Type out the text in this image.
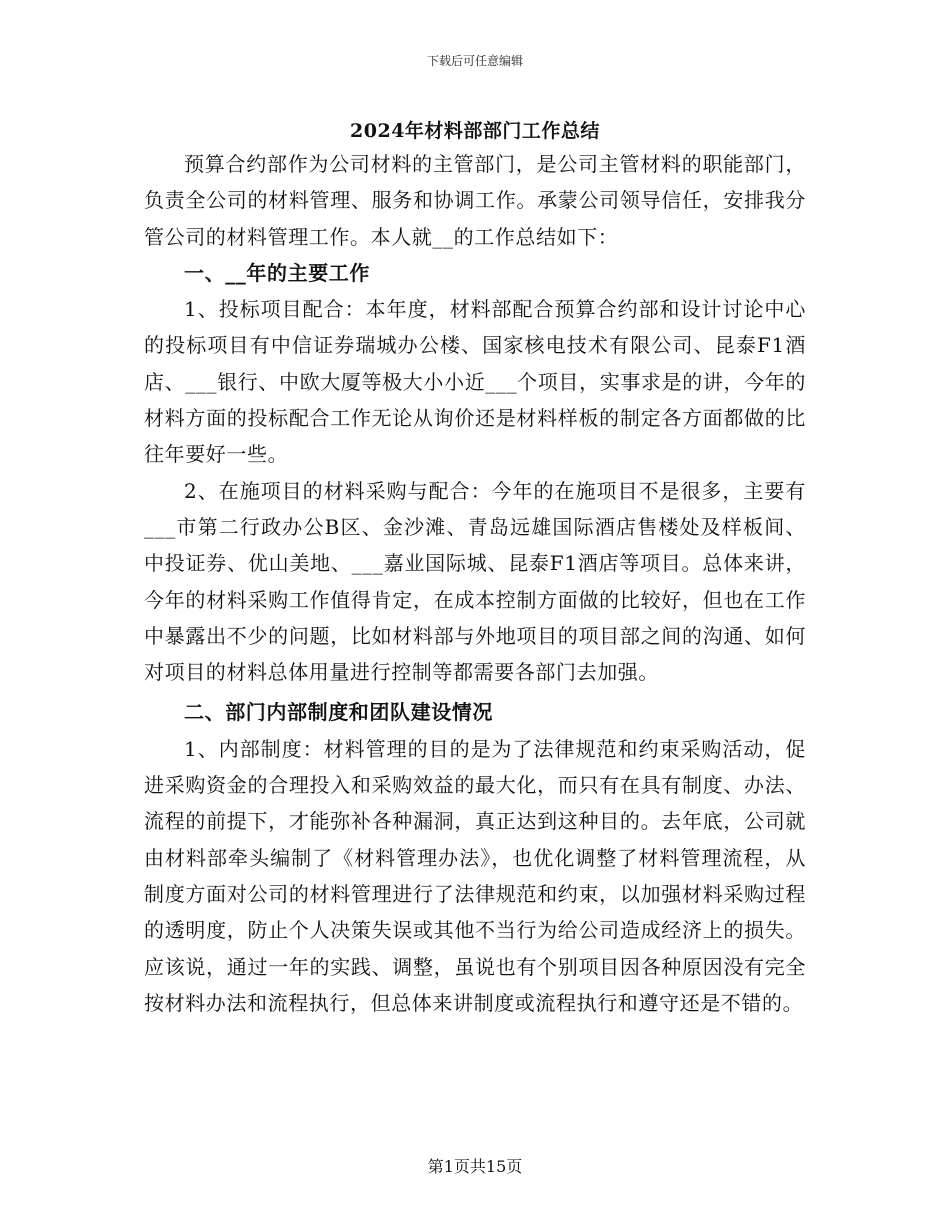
下载后可任意编辑
2024年材料部部门工作总结

预算合约部作为公司材料的主管部门，是公司主管材料的职能部门，负责全公司的材料管理、服务和协调工作。承蒙公司领导信任，安排我分管公司的材料管理工作。本人就__的工作总结如下：

一、__年的主要工作

1、投标项目配合：本年度，材料部配合预算合约部和设计讨论中心的投标项目有中信证券瑞城办公楼、国家核电技术有限公司、昆泰F1酒店、___银行、中欧大厦等极大小小近___个项目，实事求是的讲，今年的材料方面的投标配合工作无论从询价还是材料样板的制定各方面都做的比往年要好一些。

2、在施项目的材料采购与配合：今年的在施项目不是很多，主要有___市第二行政办公B区、金沙滩、青岛远雄国际酒店售楼处及样板间、中投证券、优山美地、___嘉业国际城、昆泰F1酒店等项目。总体来讲，今年的材料采购工作值得肯定，在成本控制方面做的比较好，但也在工作中暴露出不少的问题，比如材料部与外地项目的项目部之间的沟通、如何对项目的材料总体用量进行控制等都需要各部门去加强。

二、部门内部制度和团队建设情况

1、内部制度：材料管理的目的是为了法律规范和约束采购活动，促进采购资金的合理投入和采购效益的最大化，而只有在具有制度、办法、流程的前提下，才能弥补各种漏洞，真正达到这种目的。去年底，公司就由材料部牵头编制了《材料管理办法》，也优化调整了材料管理流程，从制度方面对公司的材料管理进行了法律规范和约束，以加强材料采购过程的透明度，防止个人决策失误或其他不当行为给公司造成经济上的损失。应该说，通过一年的实践、调整，虽说也有个别项目因各种原因没有完全按材料办法和流程执行，但总体来讲制度或流程执行和遵守还是不错的。

第1页共15页
